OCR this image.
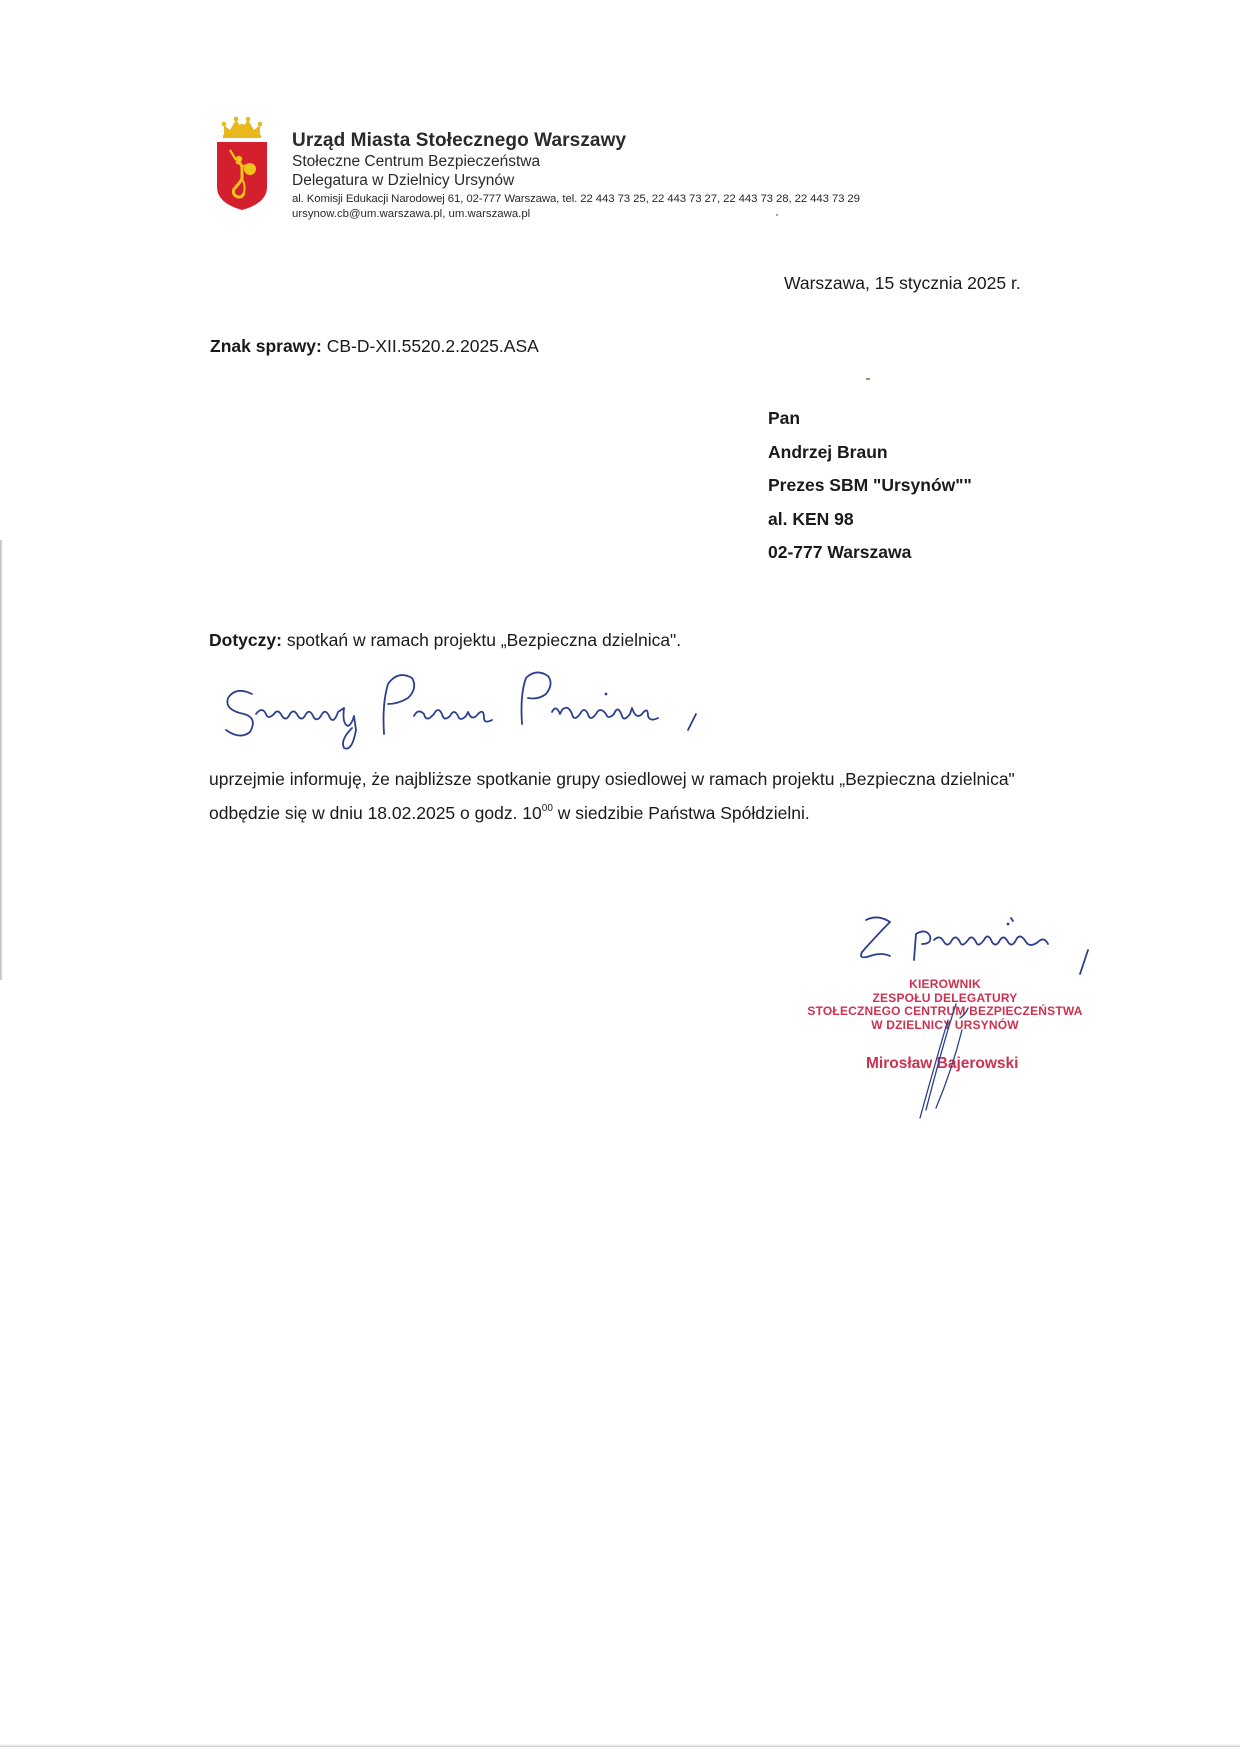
Urząd Miasta Stołecznego Warszawy
Stołeczne Centrum Bezpieczeństwa
Delegatura w Dzielnicy Ursynów
al. Komisji Edukacji Narodowej 61, 02-777 Warszawa, tel. 22 443 73 25, 22 443 73 27, 22 443 73 28, 22 443 73 29
ursynow.cb@um.warszawa.pl, um.warszawa.pl
Warszawa, 15 stycznia 2025 r.
Znak sprawy: CB-D-XII.5520.2.2025.ASA
Pan
Andrzej Braun
Prezes SBM "Ursynów""
al. KEN 98
02-777 Warszawa
Dotyczy: spotkań w ramach projektu „Bezpieczna dzielnica".
uprzejmie informuję, że najbliższe spotkanie grupy osiedlowej w ramach projektu „Bezpieczna dzielnica" odbędzie się w dniu 18.02.2025 o godz. $10^{00}$ w siedzibie Państwa Spółdzielni.
KIEROWNIK
ZESPOŁU DELEGATURY
STOŁECZNEGO CENTRUM BEZPIECZEŃSTWA
W DZIELNICY URSYNÓW
Mirosław Bajerowski
